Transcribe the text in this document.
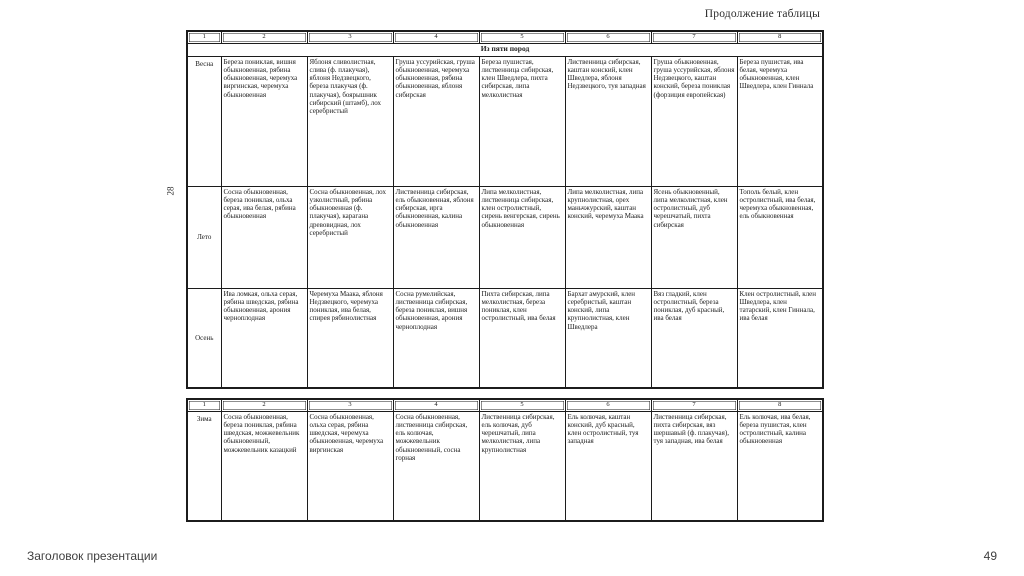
Продолжение таблицы
28
1	2	3	4	5	6	7	8
Из пяти пород							
Весна	Береза пониклая, вишня обыкновенная, рябина обыкновенная, черемуха виргинская, черемуха обыкновенная	Яблоня сливолистная, слива (ф. плакучая), яблоня Недзвецкого, береза плакучая (ф. плакучая), боярышник сибирский (штамб), лох серебристый	Груша уссурийская, груша обыкновенная, черемуха обыкновенная, рябина обыкновенная, яблоня сибирская	Береза пушистая, лиственница сибирская, клен Шведлера, пихта сибирская, липа мелколистная	Лиственница сибирская, каштан конский, клен Шведлера, яблоня Недзвецкого, туя западная	Груша обыкновенная, груша уссурийская, яблоня Недзвецкого, каштан конский, береза пониклая (форзиция европейская)	Береза пушистая, ива белая, черемуха обыкновенная, клен Шведлера, клен Гиннала
Лето	Сосна обыкновенная, береза пониклая, ольха серая, ива белая, рябина обыкновенная	Сосна обыкновенная, лох узколистный, рябина обыкновенная (ф. плакучая), карагана древовидная, лох серебристый	Лиственница сибирская, ель обыкновенная, яблоня сибирская, ирга обыкновенная, калина обыкновенная	Липа мелколистная, лиственница сибирская, клен остролистный, сирень венгерская, сирень обыкновенная	Липа мелколистная, липа крупнолистная, орех маньчжурский, каштан конский, черемуха Маака	Ясень обыкновенный, липа мелколистная, клен остролистный, дуб черешчатый, пихта сибирская	Тополь белый, клен остролистный, ива белая, черемуха обыкновенная, ель обыкновенная
Осень	Ива ломкая, ольха серая, рябина шведская, рябина обыкновенная, арония черноплодная	Черемуха Маака, яблоня Недзвецкого, черемуха пониклая, ива белая, спирея рябинолистная	Сосна румелийская, лиственница сибирская, береза пониклая, вишня обыкновенная, арония черноплодная	Пихта сибирская, липа мелколистная, береза пониклая, клен остролистный, ива белая	Бархат амурский, клен серебристый, каштан конский, липа крупнолистная, клен Шведлера	Вяз гладкий, клен остролистный, береза пониклая, дуб красный, ива белая	Клен остролистный, клен Шведлера, клен татарский, клен Гиннала, ива белая
1	2	3	4	5	6	7	8
Зима	Сосна обыкновенная, береза пониклая, рябина шведская, можжевельник обыкновенный, можжевельник казацкий	Сосна обыкновенная, ольха серая, рябина шведская, черемуха обыкновенная, черемуха виргинская	Сосна обыкновенная, лиственница сибирская, ель колючая, можжевельник обыкновенный, сосна горная	Лиственница сибирская, ель колючая, дуб черешчатый, липа мелколистная, липа крупнолистная	Ель колючая, каштан конский, дуб красный, клен остролистный, туя западная	Лиственница сибирская, пихта сибирская, вяз шершавый (ф. плакучая), туя западная, ива белая	Ель колючая, ива белая, береза пушистая, клен остролистный, калина обыкновенная
Заголовок презентации	49
